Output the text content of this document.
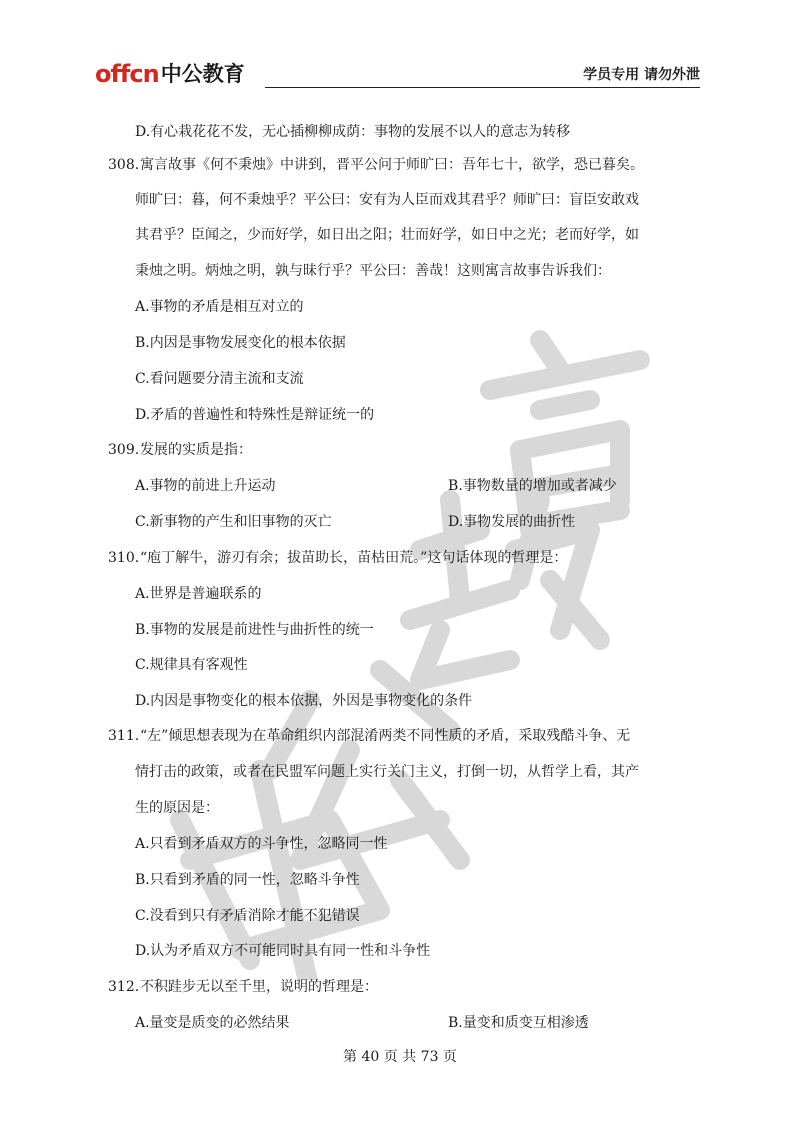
offcn 中公教育	学员专用 请勿外泄
D.有心栽花花不发，无心插柳柳成荫：事物的发展不以人的意志为转移
308. 寓言故事《何不秉烛》中讲到，晋平公问于师旷曰：吾年七十，欲学，恐已暮矣。
师旷曰：暮，何不秉烛乎？平公曰：安有为人臣而戏其君乎？师旷曰：盲臣安敢戏
其君乎？臣闻之，少而好学，如日出之阳；壮而好学，如日中之光；老而好学，如
秉烛之明。炳烛之明，孰与昧行乎？平公曰：善哉！这则寓言故事告诉我们：
A.事物的矛盾是相互对立的
B.内因是事物发展变化的根本依据
C.看问题要分清主流和支流
D.矛盾的普遍性和特殊性是辩证统一的
309. 发展的实质是指：
A.事物的前进上升运动	B.事物数量的增加或者减少
C.新事物的产生和旧事物的灭亡	D.事物发展的曲折性
310. “庖丁解牛，游刃有余；拔苗助长，苗枯田荒。”这句话体现的哲理是：
A.世界是普遍联系的
B.事物的发展是前进性与曲折性的统一
C.规律具有客观性
D.内因是事物变化的根本依据，外因是事物变化的条件
311. “左”倾思想表现为在革命组织内部混淆两类不同性质的矛盾，采取残酷斗争、无
情打击的政策，或者在民盟军问题上实行关门主义，打倒一切，从哲学上看，其产
生的原因是：
A.只看到矛盾双方的斗争性，忽略同一性
B.只看到矛盾的同一性，忽略斗争性
C.没看到只有矛盾消除才能不犯错误
D.认为矛盾双方不可能同时具有同一性和斗争性
312. 不积跬步无以至千里，说明的哲理是：
A.量变是质变的必然结果	B.量变和质变互相渗透
第 40 页 共 73 页
